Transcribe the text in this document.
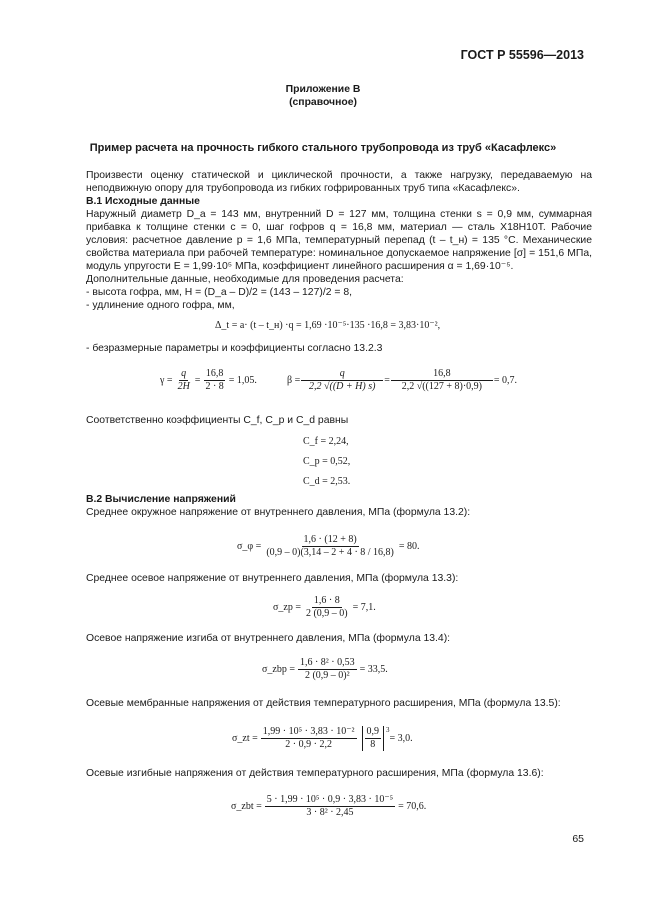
ГОСТ Р 55596—2013
Приложение В
(справочное)
Пример расчета на прочность гибкого стального трубопровода из труб «Касафлекс»
Произвести оценку статической и циклической прочности, а также нагрузку, передаваемую на неподвижную опору для трубопровода из гибких гофрированных труб типа «Касафлекс».
В.1 Исходные данные
Наружный диаметр D_a = 143 мм, внутренний D = 127 мм, толщина стенки s = 0,9 мм, суммарная прибавка к толщине стенки c = 0, шаг гофров q = 16,8 мм, материал — сталь Х18Н10Т. Рабочие условия: расчетное давление p = 1,6 МПа, температурный перепад (t – t_н) = 135 °С. Механические свойства материала при рабочей температуре: номинальное допускаемое напряжение [σ] = 151,6 МПа, модуль упругости E = 1,99·10⁵ МПа, коэффициент линейного расширения α = 1,69·10⁻⁵.
Дополнительные данные, необходимые для проведения расчета:
- высота гофра, мм, H = (D_a – D)/2 = (143 – 127)/2 = 8,
- удлинение одного гофра, мм,
Δ_t = a· (t – t_н) ·q = 1,69 ·10⁻⁵·135 ·16,8 = 3,83·10⁻²,
- безразмерные параметры и коэффициенты согласно 13.2.3
$\gamma = \frac{q}{2H} = \frac{16,8}{2 \cdot 8} = 1,05$.	$\beta = \frac{q}{2,2 √((D + H) s)} = \frac{16,8}{2,2 √((127 + 8)\cdot 0,9)} = 0,7$.
Соответственно коэффициенты C_f, C_p и C_d равны
C_f = 2,24,
C_p = 0,52,
C_d = 2,53.
В.2 Вычисление напряжений
Среднее окружное напряжение от внутреннего давления, МПа (формула 13.2):
σ_φ = $\frac{1,6 \cdot (12 + 8)}{(0,9 - 0)(3,14 - 2 + 4 \cdot 8 / 16,8)} = 80$.
Среднее осевое напряжение от внутреннего давления, МПа (формула 13.3):
σ_zp = $\frac{1,6 \cdot 8}{2 (0,9 - 0)} = 7,1$.
Осевое напряжение изгиба от внутреннего давления, МПа (формула 13.4):
σ_zbp = $\frac{\text{1,6 · 8² · 0,53}}{\text{2 (0,9 – 0)²}} = 33,5$.
Осевые мембранные напряжения от действия температурного расширения, МПа (формула 13.5):
σ_zt = $\frac{\text{1,99 · 10⁵ · 3,83 · 10⁻²}}{2 \cdot 0,9 \cdot 2,2} \frac{0,9}{8} ^3$
= 3,0.
Осевые изгибные напряжения от действия температурного расширения, МПа (формула 13.6):
σ_zbt = $\frac{\text{5 · 1,99 · 10⁵ · 0,9 · 3,83 · 10⁻⁵}}{\text{3 · 8² · 2,45}} = 70,6$.
65
